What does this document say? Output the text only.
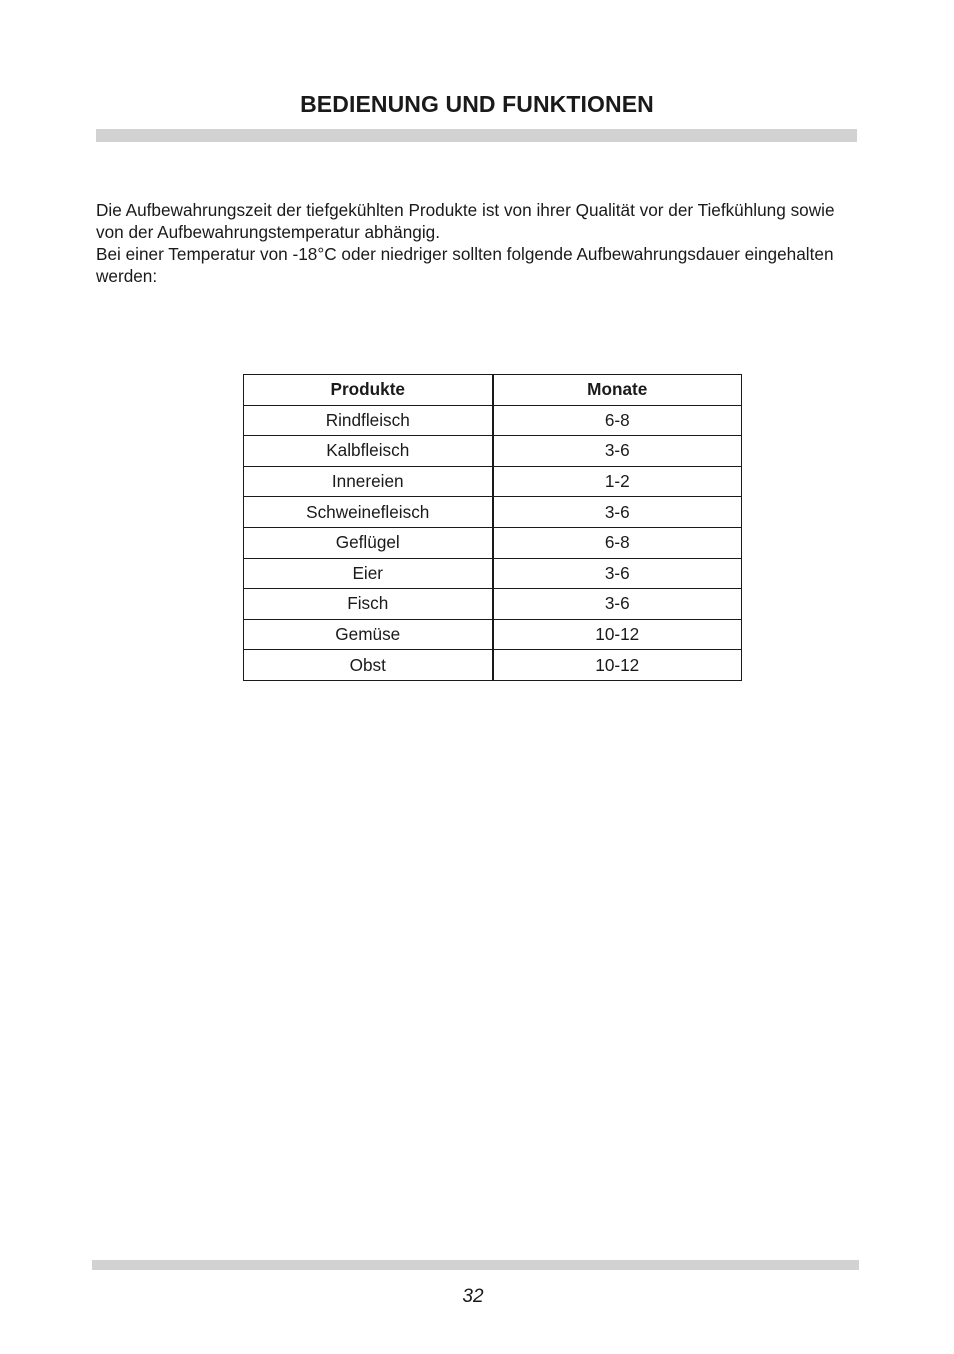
BEDIENUNG UND FUNKTIONEN

Die Aufbewahrungszeit der tiefgekühlten Produkte ist von ihrer Qualität vor der Tiefkühlung sowie von der Aufbewahrungstemperatur abhängig.

Bei einer Temperatur von -18°C oder niedriger sollten folgende Aufbewahrungsdauer eingehalten werden:

Produkte	Monate
Rindfleisch	6-8
Kalbfleisch	3-6
Innereien	1-2
Schweinefleisch	3-6
Geflügel	6-8
Eier	3-6
Fisch	3-6
Gemüse	10-12
Obst	10-12
32
